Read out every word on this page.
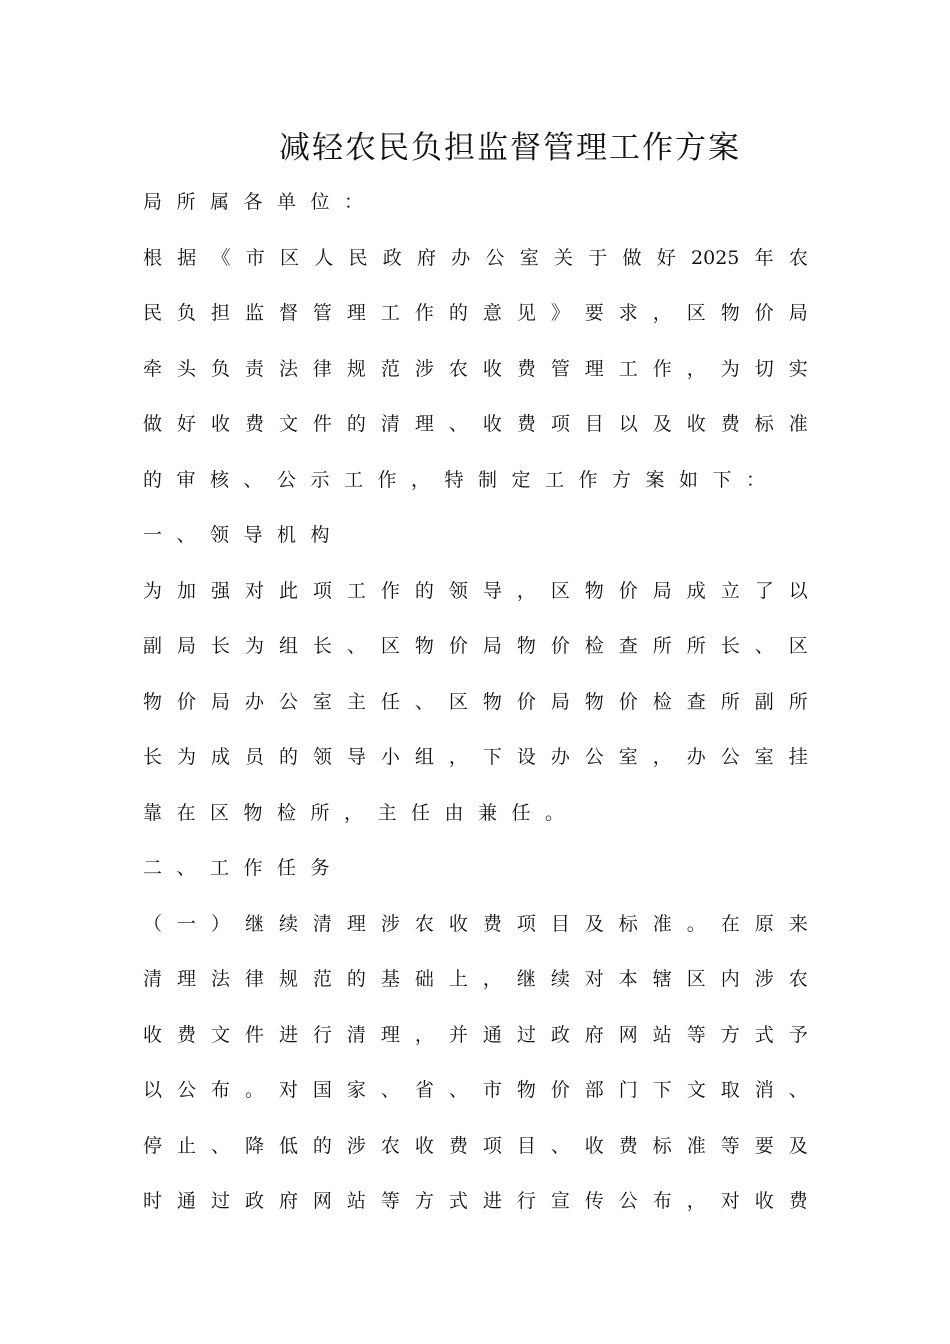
减轻农民负担监督管理工作方案
局所属各单位：
根据《市区人民政府办公室关于做好2025年农
民负担监督管理工作的意见》要求，区物价局
牵头负责法律规范涉农收费管理工作，为切实
做好收费文件的清理、收费项目以及收费标准
的审核、公示工作，特制定工作方案如下：
一、领导机构
为加强对此项工作的领导，区物价局成立了以
副局长为组长、区物价局物价检查所所长、区
物价局办公室主任、区物价局物价检查所副所
长为成员的领导小组，下设办公室，办公室挂
靠在区物检所，主任由兼任。
二、工作任务
（一）继续清理涉农收费项目及标准。在原来
清理法律规范的基础上，继续对本辖区内涉农
收费文件进行清理，并通过政府网站等方式予
以公布。对国家、省、市物价部门下文取消、
停止、降低的涉农收费项目、收费标准等要及
时通过政府网站等方式进行宣传公布，对收费
